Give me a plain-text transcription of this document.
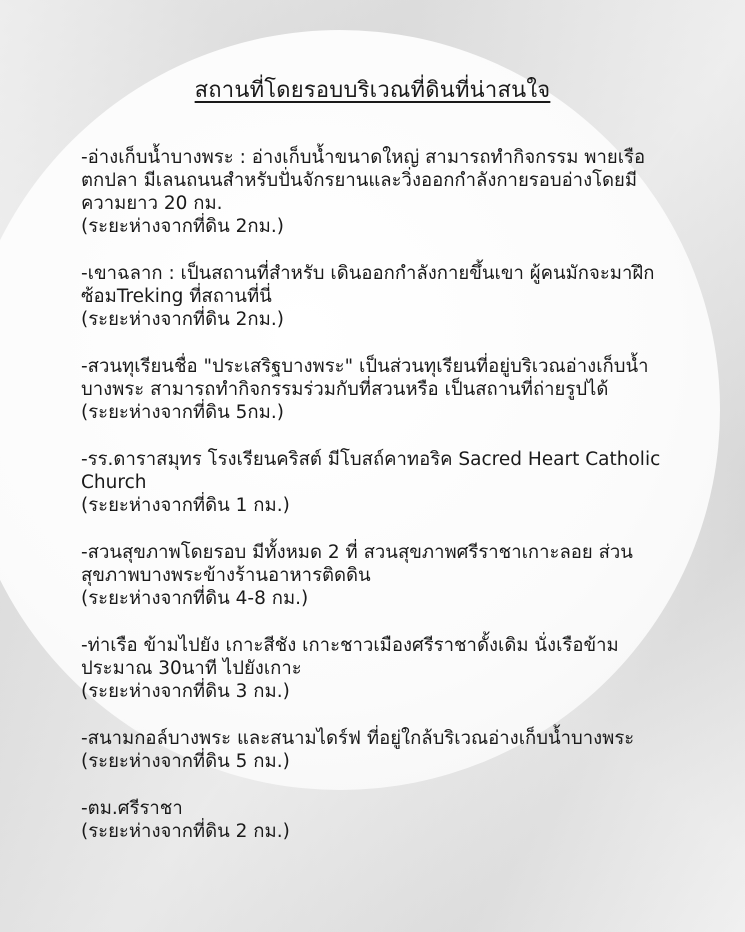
สถานที่โดยรอบบริเวณที่ดินที่น่าสนใจ
-อ่างเก็บน้ำบางพระ : อ่างเก็บน้ำขนาดใหญ่ สามารถทำกิจกรรม พายเรือ ตกปลา มีเลนถนนสำหรับปั่นจักรยานและวิ่งออกกำลังกายรอบอ่างโดยมีความยาว 20 กม.
(ระยะห่างจากที่ดิน 2กม.)
-เขาฉลาก : เป็นสถานที่สำหรับ เดินออกกำลังกายขึ้นเขา ผู้คนมักจะมาฝึกซ้อมTreking ที่สถานที่นี่
(ระยะห่างจากที่ดิน 2กม.)
-สวนทุเรียนชื่อ "ประเสริฐบางพระ" เป็นส่วนทุเรียนที่อยู่บริเวณอ่างเก็บน้ำบางพระ สามารถทำกิจกรรมร่วมกับที่สวนหรือ เป็นสถานที่ถ่ายรูปได้
(ระยะห่างจากที่ดิน 5กม.)
-รร.ดาราสมุทร โรงเรียนคริสต์ มีโบสถ์คาทอริค Sacred Heart Catholic Church
(ระยะห่างจากที่ดิน 1 กม.)
-สวนสุขภาพโดยรอบ มีทั้งหมด 2 ที่ สวนสุขภาพศรีราชาเกาะลอย ส่วนสุขภาพบางพระข้างร้านอาหารติดดิน
(ระยะห่างจากที่ดิน 4-8 กม.)
-ท่าเรือ ข้ามไปยัง เกาะสีชัง เกาะชาวเมืองศรีราชาดั้งเดิม นั่งเรือข้ามประมาณ 30นาที ไปยังเกาะ
(ระยะห่างจากที่ดิน 3 กม.)
-สนามกอล์บางพระ และสนามไดร์ฟ ที่อยู่ใกล้บริเวณอ่างเก็บน้ำบางพระ
(ระยะห่างจากที่ดิน 5 กม.)
-ตม.ศรีราชา
(ระยะห่างจากที่ดิน 2 กม.)
